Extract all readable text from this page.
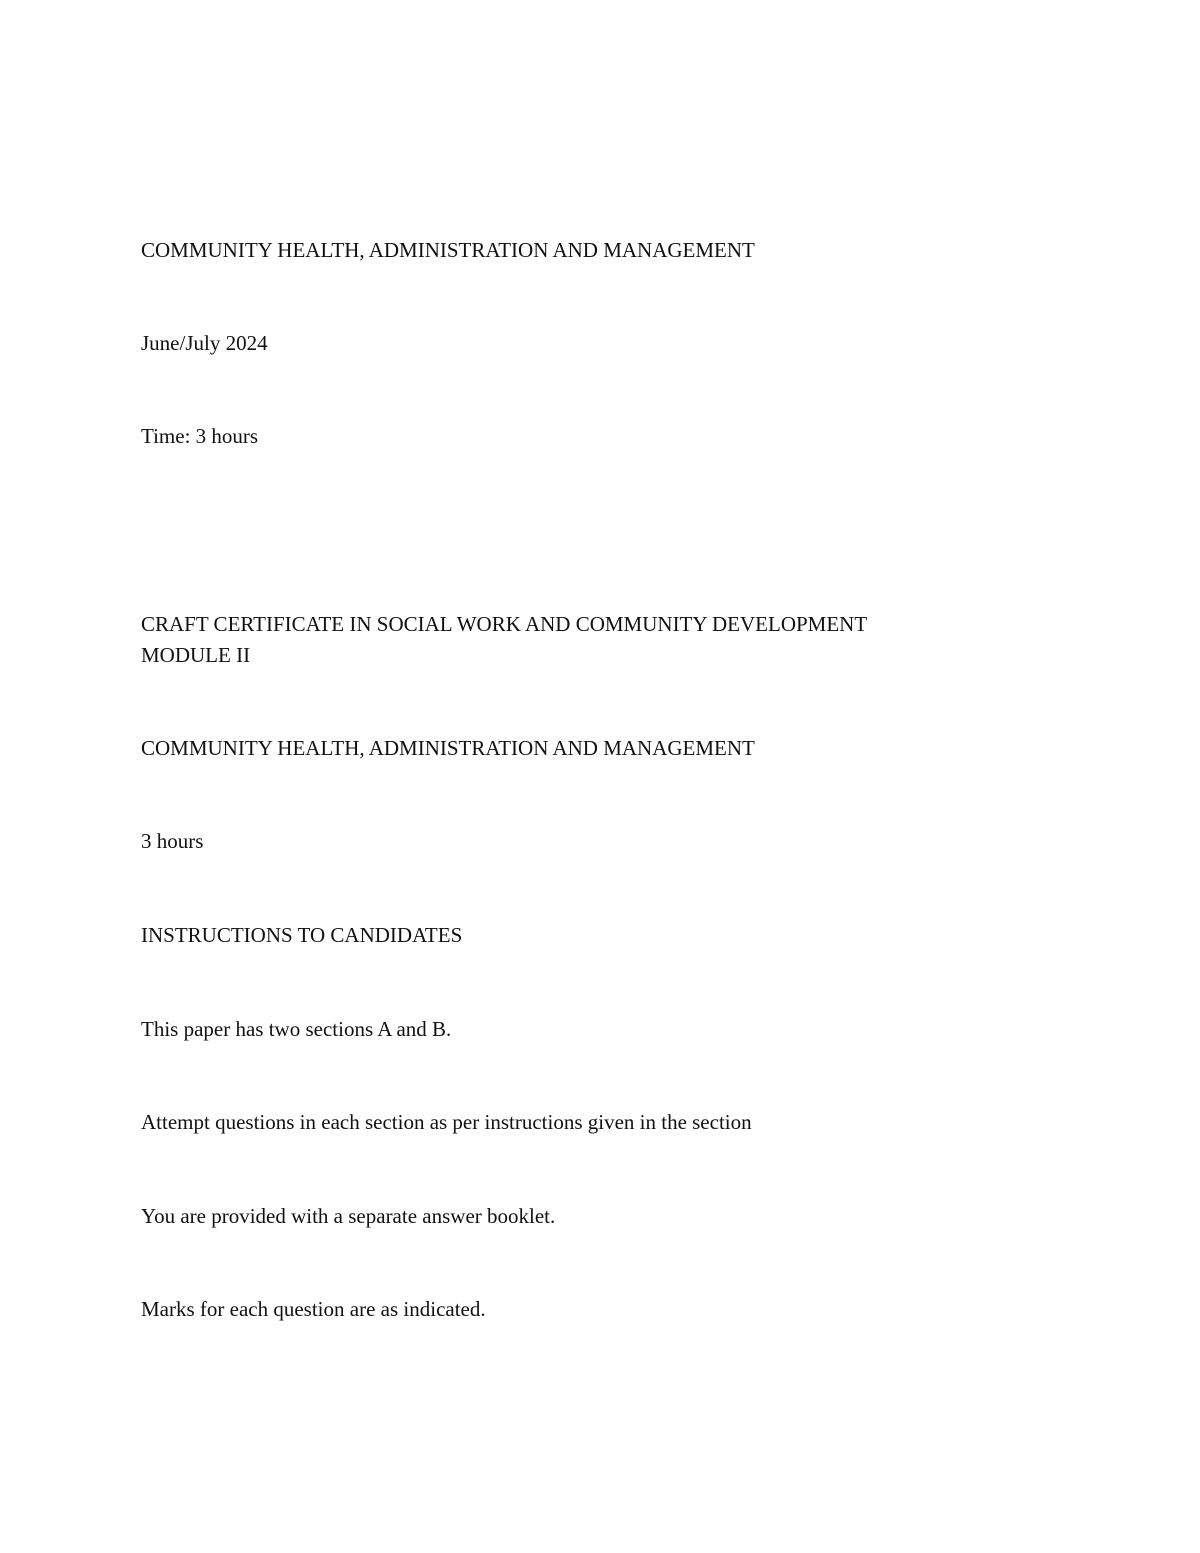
COMMUNITY HEALTH, ADMINISTRATION AND MANAGEMENT
June/July 2024
Time: 3 hours
CRAFT CERTIFICATE IN SOCIAL WORK AND COMMUNITY DEVELOPMENT
MODULE II
COMMUNITY HEALTH, ADMINISTRATION AND MANAGEMENT
3 hours
INSTRUCTIONS TO CANDIDATES
This paper has two sections A and B.
Attempt questions in each section as per instructions given in the section
You are provided with a separate answer booklet.
Marks for each question are as indicated.
